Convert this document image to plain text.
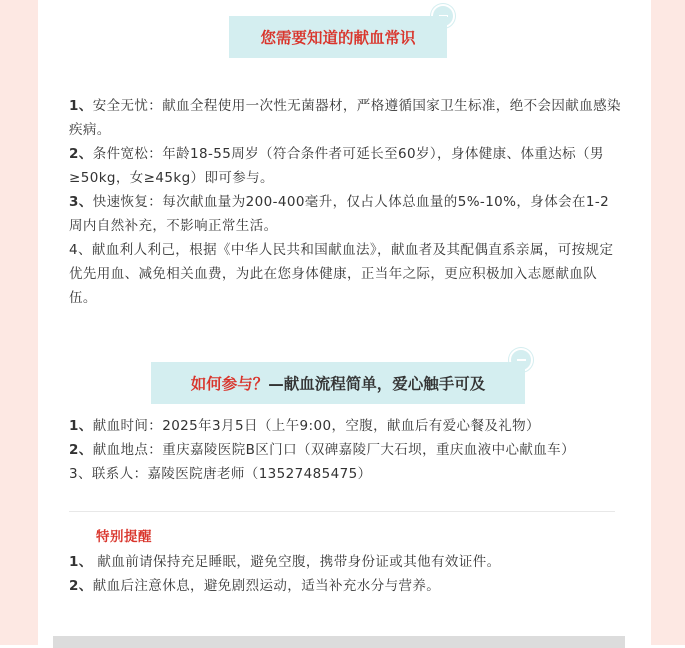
您需要知道的献血常识
1、安全无忧：献血全程使用一次性无菌器材，严格遵循国家卫生标准，绝不会因献血感染疾病。
2、条件宽松：年龄18-55周岁（符合条件者可延长至60岁），身体健康、体重达标（男≥50kg，女≥45kg）即可参与。
3、快速恢复：每次献血量为200-400毫升，仅占人体总血量的5%-10%，身体会在1-2周内自然补充，不影响正常生活。
4、献血利人利己，根据《中华人民共和国献血法》，献血者及其配偶直系亲属，可按规定优先用血、减免相关血费，为此在您身体健康，正当年之际，更应积极加入志愿献血队伍。
如何参与？ —献血流程简单，爱心触手可及
1、献血时间：2025年3月5日（上午9:00，空腹，献血后有爱心餐及礼物）
2、献血地点：重庆嘉陵医院B区门口（双碑嘉陵厂大石坝，重庆血液中心献血车）
3、联系人：嘉陵医院唐老师（13527485475）
特别提醒
1、 献血前请保持充足睡眠，避免空腹，携带身份证或其他有效证件。
2、献血后注意休息，避免剧烈运动，适当补充水分与营养。
